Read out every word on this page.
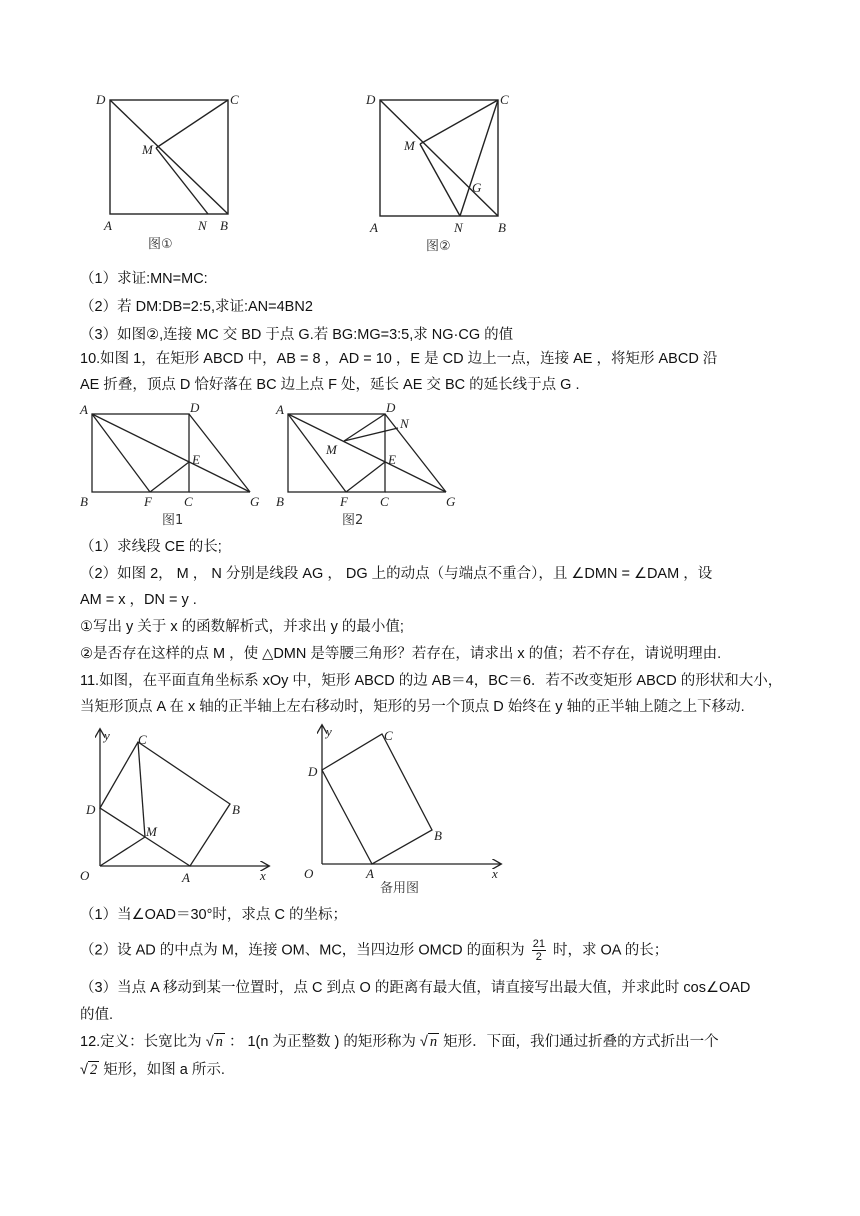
D	C
M
A	N B
图①
D	C
M
G
A	N	B
图②
（1）求证:MN=MC:
（2）若 DM:DB=2:5,求证:AN=4BN2
（3）如图②,连接 MC 交 BD 于点 G.若 BG:MG=3:5,求 NG·CG 的值
10.如图 1，在矩形 ABCD 中，AB = 8 ，AD = 10 ，E 是 CD 边上一点，连接 AE ，将矩形 ABCD 沿
AE 折叠，顶点 D 恰好落在 BC 边上点 F 处，延长 AE 交 BC 的延长线于点 G .
A	D
E
B	F C	G
图1
A	D
N
M
E
B	F C	G
图2
（1）求线段 CE 的长;
（2）如图 2， M ， N 分别是线段 AG ， DG 上的动点（与端点不重合），且 ∠DMN = ∠DAM ，设
AM = x ，DN = y .
①写出 y 关于 x 的函数解析式，并求出 y 的最小值;
②是否存在这样的点 M ，使 △DMN 是等腰三角形？若存在，请求出 x 的值；若不存在，请说明理由.
11.如图，在平面直角坐标系 xOy 中，矩形 ABCD 的边 AB＝4，BC＝6．若不改变矩形 ABCD 的形状和大小，
当矩形顶点 A 在 x 轴的正半轴上左右移动时，矩形的另一个顶点 D 始终在 y 轴的正半轴上随之上下移动.
y C
D
M
B
O	A	x
y	C
D
B
O	A	x
备用图
（1）当∠OAD＝30°时，求点 C 的坐标；
（2）设 AD 的中点为 M，连接 OM、MC，当四边形 OMCD 的面积为 $\frac{21}{2}$ 时，求 OA 的长；
（3）当点 A 移动到某一位置时，点 C 到点 O 的距离有最大值，请直接写出最大值，并求此时 cos∠OAD
的值.
12.定义：长宽比为 √ n ： 1(n 为正整数 ) 的矩形称为 √ n 矩形．下面，我们通过折叠的方式折出一个
√ 2 矩形，如图 a 所示.
